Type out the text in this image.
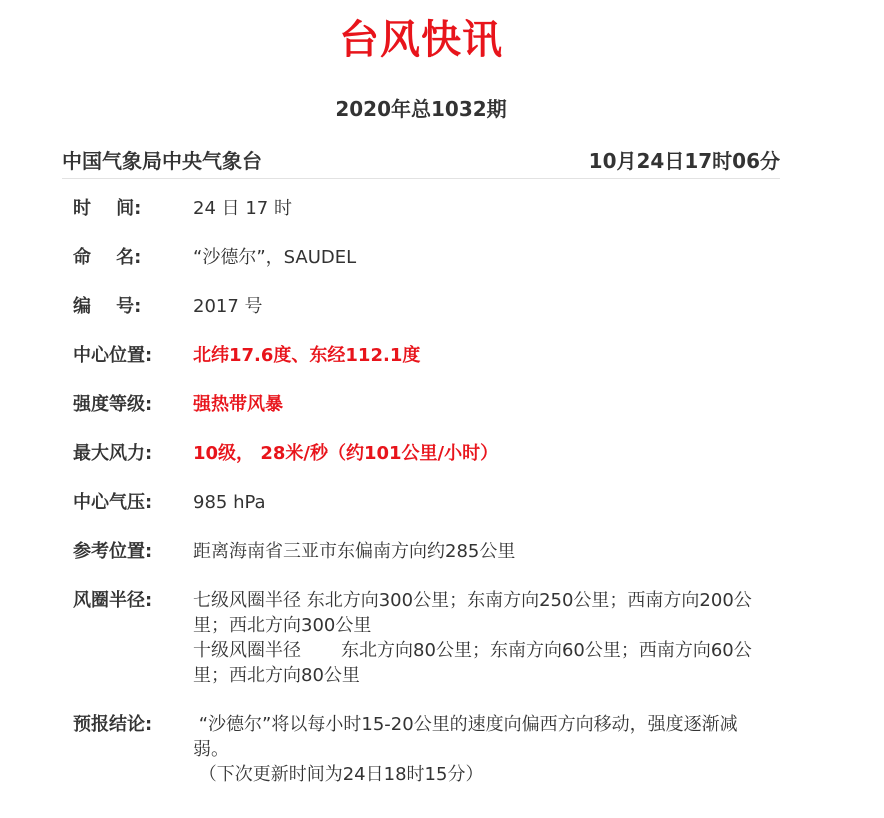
台风快讯
2020年总1032期
中国气象局中央气象台	10月24日17时06分
时    间:	24 日 17 时
命    名:	“沙德尔”，SAUDEL
编    号:	2017 号
中心位置:	北纬17.6度、东经112.1度
强度等级:	强热带风暴
最大风力:	10级， 28米/秒（约101公里/小时）
中心气压:	985 hPa
参考位置:	距离海南省三亚市东偏南方向约285公里
风圈半径:	七级风圈半径 东北方向300公里；东南方向250公里；西南方向200公里；西北方向300公里
十级风圈半径       东北方向80公里；东南方向60公里；西南方向60公里；西北方向80公里
预报结论:	“沙德尔”将以每小时15-20公里的速度向偏西方向移动，强度逐渐减弱。
（下次更新时间为24日18时15分）
